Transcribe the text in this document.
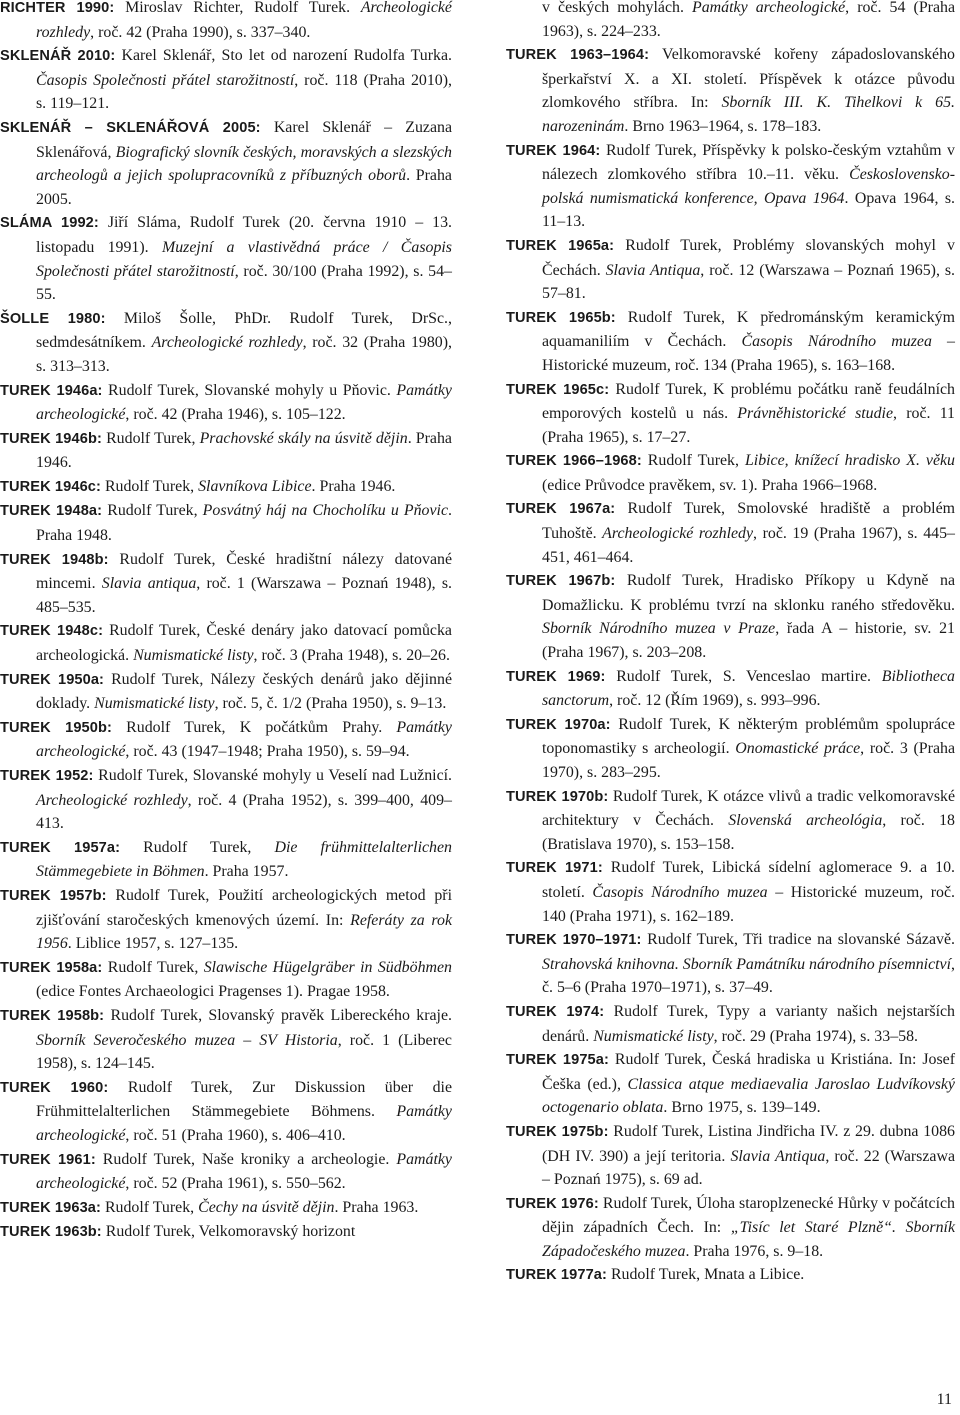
RICHTER 1990: Miroslav Richter, Rudolf Turek. Archeologické rozhledy, roč. 42 (Praha 1990), s. 337–340.

SKLENÁŘ 2010: Karel Sklenář, Sto let od narození Rudolfa Turka. Časopis Společnosti přátel starožitností, roč. 118 (Praha 2010), s. 119–121.

SKLENÁŘ – SKLENÁŘOVÁ 2005: Karel Sklenář – Zuzana Sklenářová, Biografický slovník českých, moravských a slezských archeologů a jejich spolupracovníků z příbuzných oborů. Praha 2005.

SLÁMA 1992: Jiří Sláma, Rudolf Turek (20. června 1910 – 13. listopadu 1991). Muzejní a vlastivědná práce / Časopis Společnosti přátel starožitností, roč. 30/100 (Praha 1992), s. 54–55.

ŠOLLE 1980: Miloš Šolle, PhDr. Rudolf Turek, DrSc., sedmdesátníkem. Archeologické rozhledy, roč. 32 (Praha 1980), s. 313–313.

TUREK 1946a: Rudolf Turek, Slovanské mohyly u Pňovic. Památky archeologické, roč. 42 (Praha 1946), s. 105–122.

TUREK 1946b: Rudolf Turek, Prachovské skály na úsvitě dějin. Praha 1946.

TUREK 1946c: Rudolf Turek, Slavníkova Libice. Praha 1946.

TUREK 1948a: Rudolf Turek, Posvátný háj na Chocholíku u Pňovic. Praha 1948.

TUREK 1948b: Rudolf Turek, České hradištní nálezy datované mincemi. Slavia antiqua, roč. 1 (Warszawa – Poznań 1948), s. 485–535.

TUREK 1948c: Rudolf Turek, České denáry jako datovací pomůcka archeologická. Numismatické listy, roč. 3 (Praha 1948), s. 20–26.

TUREK 1950a: Rudolf Turek, Nálezy českých denárů jako dějinné doklady. Numismatické listy, roč. 5, č. 1/2 (Praha 1950), s. 9–13.

TUREK 1950b: Rudolf Turek, K počátkům Prahy. Památky archeologické, roč. 43 (1947–1948; Praha 1950), s. 59–94.

TUREK 1952: Rudolf Turek, Slovanské mohyly u Veselí nad Lužnicí. Archeologické rozhledy, roč. 4 (Praha 1952), s. 399–400, 409–413.

TUREK 1957a: Rudolf Turek, Die frühmittelalterlichen Stämmegebiete in Böhmen. Praha 1957.

TUREK 1957b: Rudolf Turek, Použití archeologických metod při zjišťování staročeských kmenových území. In: Referáty za rok 1956. Liblice 1957, s. 127–135.

TUREK 1958a: Rudolf Turek, Slawische Hügelgräber in Südböhmen (edice Fontes Archaeologici Pragenses 1). Pragae 1958.

TUREK 1958b: Rudolf Turek, Slovanský pravěk Libereckého kraje. Sborník Severočeského muzea – SV Historia, roč. 1 (Liberec 1958), s. 124–145.

TUREK 1960: Rudolf Turek, Zur Diskussion über die Frühmittelalterlichen Stämmegebiete Böhmens. Památky archeologické, roč. 51 (Praha 1960), s. 406–410.

TUREK 1961: Rudolf Turek, Naše kroniky a archeologie. Památky archeologické, roč. 52 (Praha 1961), s. 550–562.

TUREK 1963a: Rudolf Turek, Čechy na úsvitě dějin. Praha 1963.

TUREK 1963b: Rudolf Turek, Velkomoravský horizont

v českých mohylách. Památky archeologické, roč. 54 (Praha 1963), s. 224–233.

TUREK 1963–1964: Velkomoravské kořeny západoslovanského šperkařství X. a XI. století. Příspěvek k otázce původu zlomkového stříbra. In: Sborník III. K. Tihelkovi k 65. narozeninám. Brno 1963–1964, s. 178–183.

TUREK 1964: Rudolf Turek, Příspěvky k polsko-českým vztahům v nálezech zlomkového stříbra 10.–11. věku. Československo-polská numismatická konference, Opava 1964. Opava 1964, s. 11–13.

TUREK 1965a: Rudolf Turek, Problémy slovanských mohyl v Čechách. Slavia Antiqua, roč. 12 (Warszawa – Poznań 1965), s. 57–81.

TUREK 1965b: Rudolf Turek, K předrománským keramickým aquamaniliím v Čechách. Časopis Národního muzea – Historické muzeum, roč. 134 (Praha 1965), s. 163–168.

TUREK 1965c: Rudolf Turek, K problému počátku raně feudálních emporových kostelů u nás. Právněhistorické studie, roč. 11 (Praha 1965), s. 17–27.

TUREK 1966–1968: Rudolf Turek, Libice, knížecí hradisko X. věku (edice Průvodce pravěkem, sv. 1). Praha 1966–1968.

TUREK 1967a: Rudolf Turek, Smolovské hradiště a problém Tuhoště. Archeologické rozhledy, roč. 19 (Praha 1967), s. 445–451, 461–464.

TUREK 1967b: Rudolf Turek, Hradisko Příkopy u Kdyně na Domažlicku. K problému tvrzí na sklonku raného středověku. Sborník Národního muzea v Praze, řada A – historie, sv. 21 (Praha 1967), s. 203–208.

TUREK 1969: Rudolf Turek, S. Venceslao martire. Bibliotheca sanctorum, roč. 12 (Řím 1969), s. 993–996.

TUREK 1970a: Rudolf Turek, K některým problémům spolupráce toponomastiky s archeologií. Onomastické práce, roč. 3 (Praha 1970), s. 283–295.

TUREK 1970b: Rudolf Turek, K otázce vlivů a tradic velkomoravské architektury v Čechách. Slovenská archeológia, roč. 18 (Bratislava 1970), s. 153–158.

TUREK 1971: Rudolf Turek, Libická sídelní aglomerace 9. a 10. století. Časopis Národního muzea – Historické muzeum, roč. 140 (Praha 1971), s. 162–189.

TUREK 1970–1971: Rudolf Turek, Tři tradice na slovanské Sázavě. Strahovská knihovna. Sborník Památníku národního písemnictví, č. 5–6 (Praha 1970–1971), s. 37–49.

TUREK 1974: Rudolf Turek, Typy a varianty našich nejstarších denárů. Numismatické listy, roč. 29 (Praha 1974), s. 33–58.

TUREK 1975a: Rudolf Turek, Česká hradiska u Kristiána. In: Josef Češka (ed.), Classica atque mediaevalia Jaroslao Ludvíkovský octogenario oblata. Brno 1975, s. 139–149.

TUREK 1975b: Rudolf Turek, Listina Jindřicha IV. z 29. dubna 1086 (DH IV. 390) a její teritoria. Slavia Antiqua, roč. 22 (Warszawa – Poznań 1975), s. 69 ad.

TUREK 1976: Rudolf Turek, Úloha staroplzenecké Hůrky v počátcích dějin západních Čech. In: „Tisíc let Staré Plzně“. Sborník Západočeského muzea. Praha 1976, s. 9–18.

TUREK 1977a: Rudolf Turek, Mnata a Libice.

11
